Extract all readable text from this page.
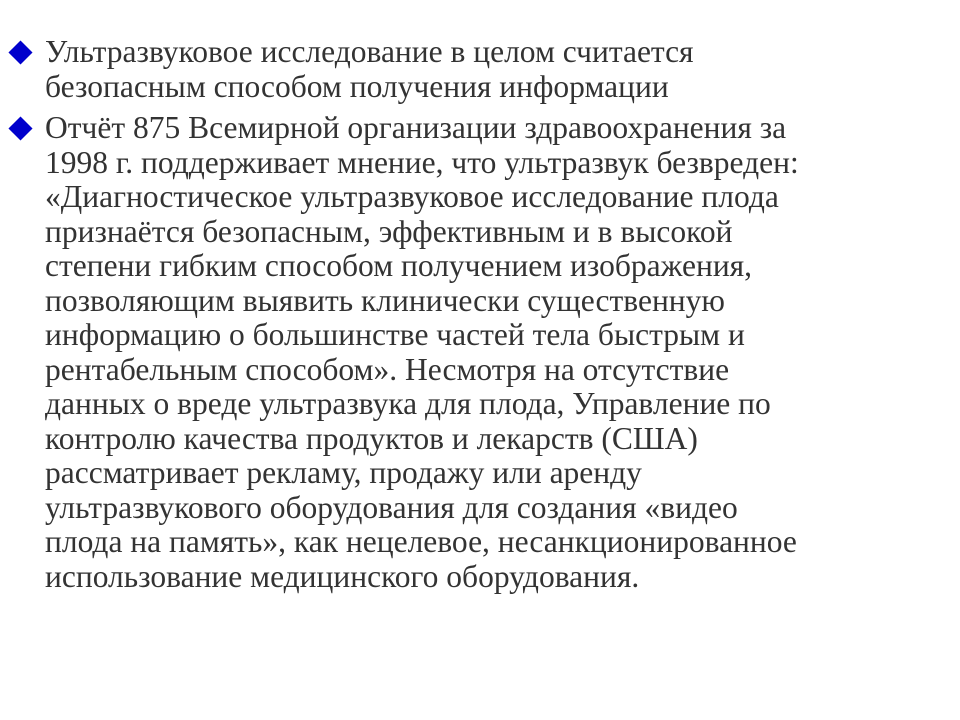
Ультразвуковое исследование в целом считается
безопасным способом получения информации
Отчёт 875 Всемирной организации здравоохранения за
1998 г. поддерживает мнение, что ультразвук безвреден:
«Диагностическое ультразвуковое исследование плода
признаётся безопасным, эффективным и в высокой
степени гибким способом получением изображения,
позволяющим выявить клинически существенную
информацию о большинстве частей тела быстрым и
рентабельным способом». Несмотря на отсутствие
данных о вреде ультразвука для плода, Управление по
контролю качества продуктов и лекарств (США)
рассматривает рекламу, продажу или аренду
ультразвукового оборудования для создания «видео
плода на память», как нецелевое, несанкционированное
использование медицинского оборудования.
